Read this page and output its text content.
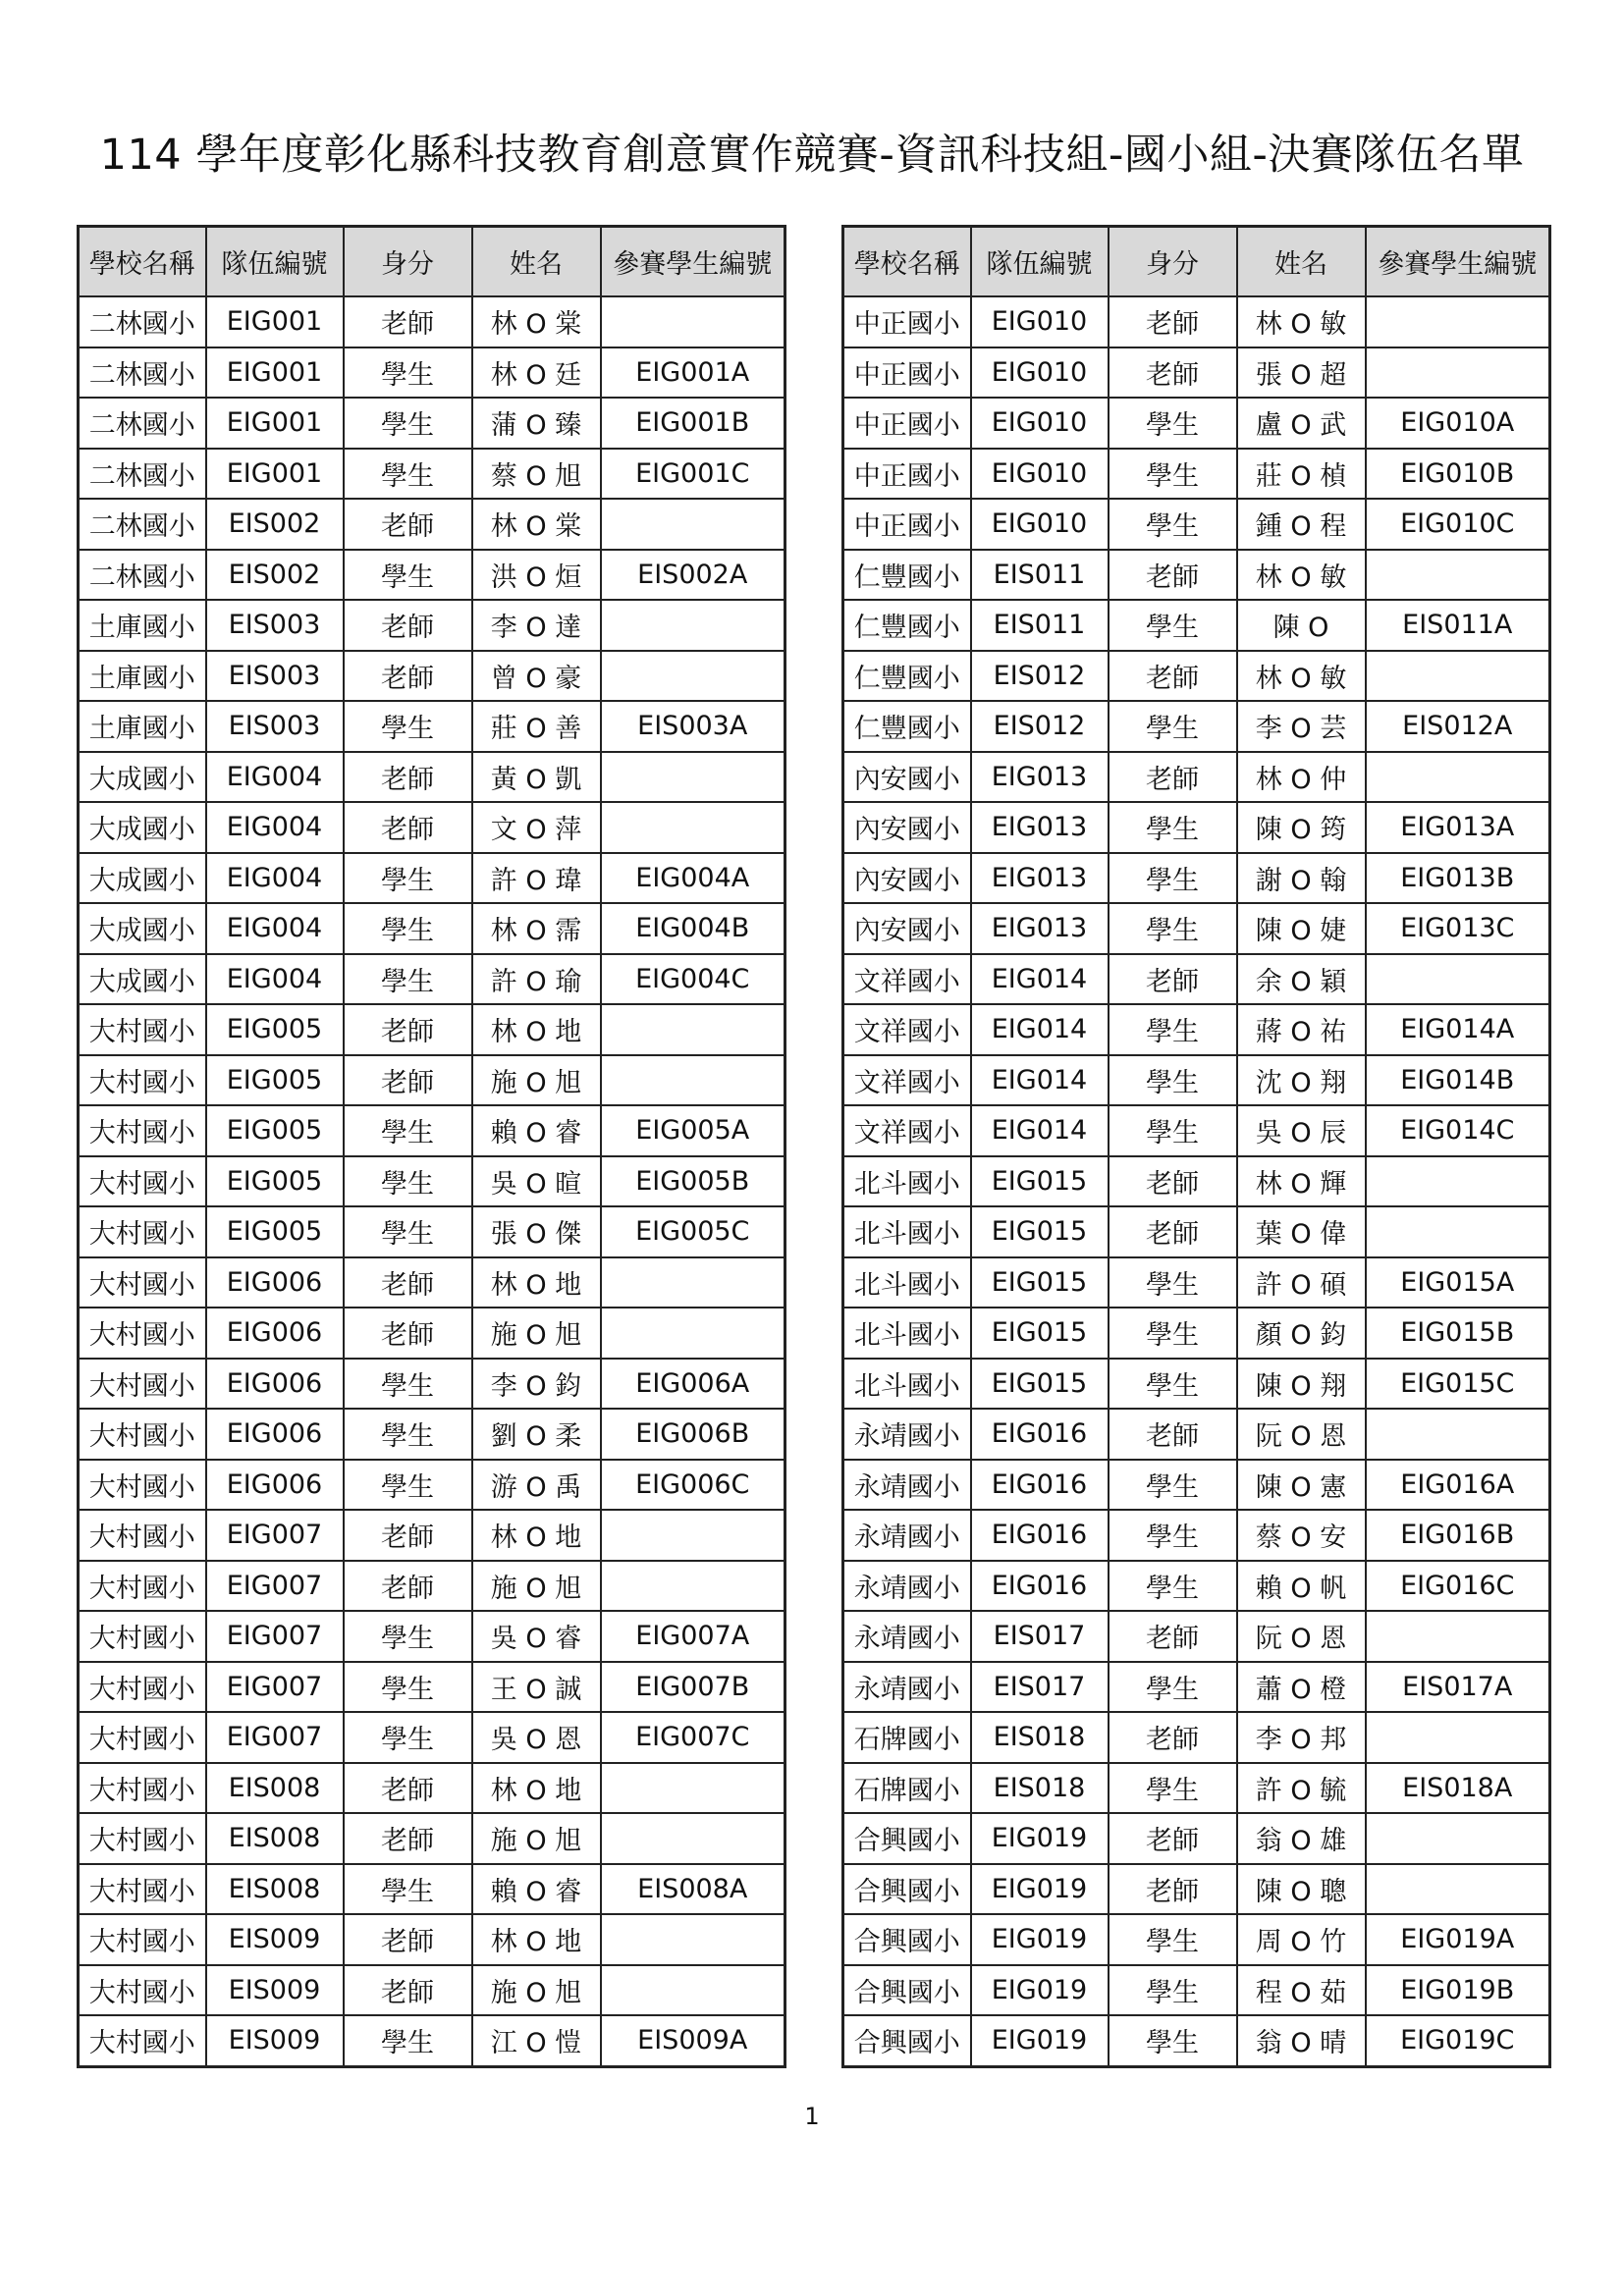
114 學年度彰化縣科技教育創意實作競賽-資訊科技組-國小組-決賽隊伍名單
學校名稱	隊伍編號	身分	姓名	參賽學生編號
二林國小	EIG001	老師	林 O 棠	
二林國小	EIG001	學生	林 O 廷	EIG001A
二林國小	EIG001	學生	蒲 O 臻	EIG001B
二林國小	EIG001	學生	蔡 O 旭	EIG001C
二林國小	EIS002	老師	林 O 棠	
二林國小	EIS002	學生	洪 O 烜	EIS002A
土庫國小	EIS003	老師	李 O 達	
土庫國小	EIS003	老師	曾 O 豪	
土庫國小	EIS003	學生	莊 O 善	EIS003A
大成國小	EIG004	老師	黃 O 凱	
大成國小	EIG004	老師	文 O 萍	
大成國小	EIG004	學生	許 O 瑋	EIG004A
大成國小	EIG004	學生	林 O 霈	EIG004B
大成國小	EIG004	學生	許 O 瑜	EIG004C
大村國小	EIG005	老師	林 O 地	
大村國小	EIG005	老師	施 O 旭	
大村國小	EIG005	學生	賴 O 睿	EIG005A
大村國小	EIG005	學生	吳 O 暄	EIG005B
大村國小	EIG005	學生	張 O 傑	EIG005C
大村國小	EIG006	老師	林 O 地	
大村國小	EIG006	老師	施 O 旭	
大村國小	EIG006	學生	李 O 鈞	EIG006A
大村國小	EIG006	學生	劉 O 柔	EIG006B
大村國小	EIG006	學生	游 O 禹	EIG006C
大村國小	EIG007	老師	林 O 地	
大村國小	EIG007	老師	施 O 旭	
大村國小	EIG007	學生	吳 O 睿	EIG007A
大村國小	EIG007	學生	王 O 誠	EIG007B
大村國小	EIG007	學生	吳 O 恩	EIG007C
大村國小	EIS008	老師	林 O 地	
大村國小	EIS008	老師	施 O 旭	
大村國小	EIS008	學生	賴 O 睿	EIS008A
大村國小	EIS009	老師	林 O 地	
大村國小	EIS009	老師	施 O 旭	
大村國小	EIS009	學生	江 O 愷	EIS009A
學校名稱	隊伍編號	身分	姓名	參賽學生編號
中正國小	EIG010	老師	林 O 敏	
中正國小	EIG010	老師	張 O 超	
中正國小	EIG010	學生	盧 O 武	EIG010A
中正國小	EIG010	學生	莊 O 楨	EIG010B
中正國小	EIG010	學生	鍾 O 程	EIG010C
仁豐國小	EIS011	老師	林 O 敏	
仁豐國小	EIS011	學生	陳 O	EIS011A
仁豐國小	EIS012	老師	林 O 敏	
仁豐國小	EIS012	學生	李 O 芸	EIS012A
內安國小	EIG013	老師	林 O 仲	
內安國小	EIG013	學生	陳 O 筠	EIG013A
內安國小	EIG013	學生	謝 O 翰	EIG013B
內安國小	EIG013	學生	陳 O 婕	EIG013C
文祥國小	EIG014	老師	余 O 穎	
文祥國小	EIG014	學生	蔣 O 祐	EIG014A
文祥國小	EIG014	學生	沈 O 翔	EIG014B
文祥國小	EIG014	學生	吳 O 辰	EIG014C
北斗國小	EIG015	老師	林 O 輝	
北斗國小	EIG015	老師	葉 O 偉	
北斗國小	EIG015	學生	許 O 碩	EIG015A
北斗國小	EIG015	學生	顏 O 鈞	EIG015B
北斗國小	EIG015	學生	陳 O 翔	EIG015C
永靖國小	EIG016	老師	阮 O 恩	
永靖國小	EIG016	學生	陳 O 憲	EIG016A
永靖國小	EIG016	學生	蔡 O 安	EIG016B
永靖國小	EIG016	學生	賴 O 帆	EIG016C
永靖國小	EIS017	老師	阮 O 恩	
永靖國小	EIS017	學生	蕭 O 橙	EIS017A
石牌國小	EIS018	老師	李 O 邦	
石牌國小	EIS018	學生	許 O 毓	EIS018A
合興國小	EIG019	老師	翁 O 雄	
合興國小	EIG019	老師	陳 O 聰	
合興國小	EIG019	學生	周 O 竹	EIG019A
合興國小	EIG019	學生	程 O 茹	EIG019B
合興國小	EIG019	學生	翁 O 晴	EIG019C
1
